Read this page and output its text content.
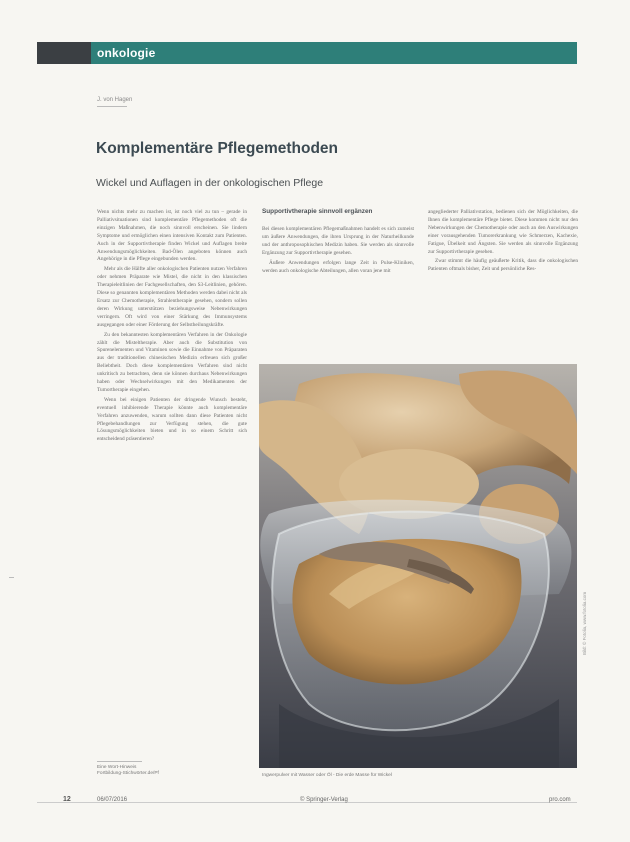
onkologie
J. von Hagen
Komplementäre Pflegemethoden
Wickel und Auflagen in der onkologischen Pflege

Wenn nichts mehr zu machen ist, ist noch viel zu tun – gerade in Palliativsituationen sind komplementäre Pflegemethoden oft die einzigen Maßnahmen, die noch sinnvoll erscheinen. Sie lindern Symptome und ermöglichen einen intensiven Kontakt zum Patienten. Auch in der Supportivtherapie finden Wickel und Auflagen breite Anwendungsmöglichkeiten. Bad-Ölen angeboten können auch Angehörige in die Pflege eingebunden werden.

Mehr als die Hälfte aller onkologischen Patienten nutzen Verfahren oder nehmen Präparate wie Mistel, die nicht in den klassischen Therapieleitlinien der Fachgesellschaften, den S3-Leitlinien, gehören. Diese so genannten komplementären Methoden werden dabei nicht als Ersatz zur Chemotherapie, Strahlentherapie gesehen, sondern sollen deren Wirkung unterstützen beziehungsweise Nebenwirkungen verringern. Oft wird von einer Stärkung des Immunsystems ausgegangen oder einer Förderung der Selbstheilungskräfte.

Zu den bekanntesten komplementären Verfahren in der Onkologie zählt die Misteltherapie. Aber auch die Substitution von Spurenelementen und Vitaminen sowie die Einnahme von Präparaten aus der traditionellen chinesischen Medizin erfreuen sich großer Beliebtheit. Doch diese komplementären Verfahren sind nicht unkritisch zu betrachten, denn sie können durchaus Nebenwirkungen haben oder Wechselwirkungen mit den Medikamenten der Tumortherapie eingehen.

Wenn bei einigen Patienten der dringende Wunsch besteht, eventuell inhibierende Therapie könnte auch komplementäre Verfahren anzuwenden, warum sollten dann diese Patienten nicht Pflegebehandlungen zur Verfügung stehen, die gute Lösungsmöglichkeiten bieten und in so einem Schritt sich entscheidend präsentieren?

Supportivtherapie sinnvoll ergänzen

Bei diesen komplementären Pflegemaßnahmen handelt es sich zumeist um äußere Anwendungen, die ihren Ursprung in der Naturheilkunde und der anthroposophischen Medizin haben. Sie werden als sinnvolle Ergänzung zur Supportivtherapie gesehen.

Äußere Anwendungen erfolgen lange Zeit in Pulse-Kliniken, werden auch onkologische Abteilungen, allen voran jene mit

angegliederter Palliativstation, bedienen sich der Möglichkeiten, die Ihnen die komplementäre Pflege bietet. Diese kommen nicht nur den Nebenwirkungen der Chemotherapie oder auch an den Auswirkungen einer vorausgehenden Tumorerkrankung wie Schmerzen, Kachexie, Fatigue, Übelkeit und Ängsten. Sie werden als sinnvolle Ergänzung zur Supportivtherapie gesehen.

Zwar stimmt die häufig geäußerte Kritik, dass die onkologischen Patienten oftmals bisher, Zeit und persönliche Res-

Bild: © Fotolia, www.fotolia.com
Ingwerpulver mit Wasser oder Öl - Die erde Masse für Wickel
Eine Wort-Hinweis
Fortbildung-Stichwörter.de/Pf
12	06/07/2016	© Springer-Verlag	pro.com
